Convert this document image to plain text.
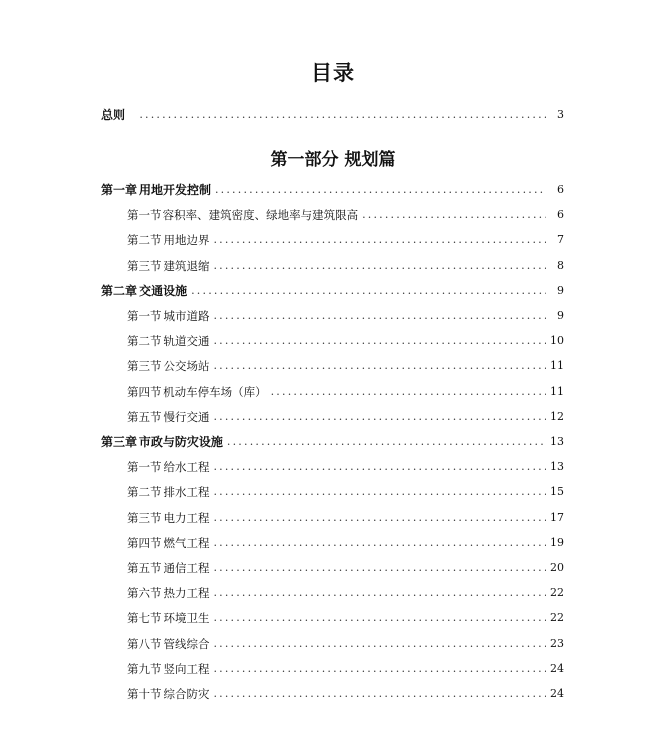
目录
总则 .....	3
第一部分 规划篇
第一章 用地开发控制 .....	6
第一节 容积率、建筑密度、绿地率与建筑限高 .....	6
第二节 用地边界 .....	7
第三节 建筑退缩 .....	8
第二章 交通设施 .....	9
第一节 城市道路 .....	9
第二节 轨道交通 .....	10
第三节 公交场站 .....	11
第四节 机动车停车场（库） .....	11
第五节 慢行交通 .....	12
第三章 市政与防灾设施 .....	13
第一节 给水工程 .....	13
第二节 排水工程 .....	15
第三节 电力工程 .....	17
第四节 燃气工程 .....	19
第五节 通信工程 .....	20
第六节 热力工程 .....	22
第七节 环境卫生 .....	22
第八节 管线综合 .....	23
第九节 竖向工程 .....	24
第十节 综合防灾 .....	24
